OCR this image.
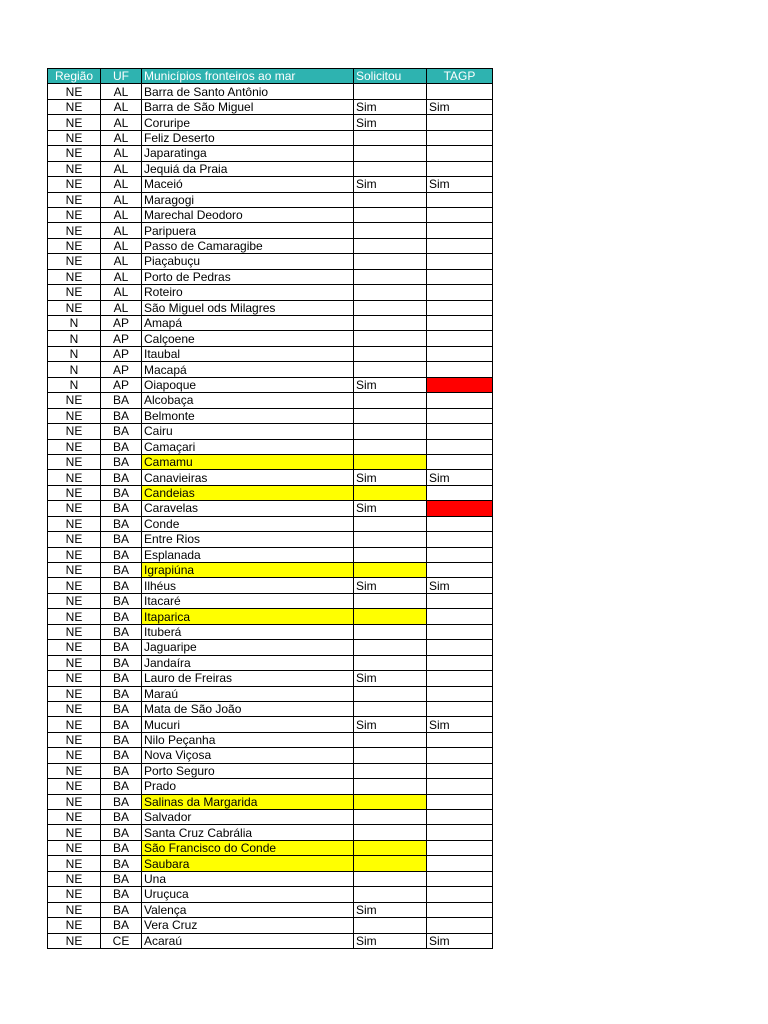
Região	UF	Municípios fronteiros ao mar	Solicitou	TAGP
NE	AL	Barra de Santo Antônio		
NE	AL	Barra de São Miguel	Sim	Sim
NE	AL	Coruripe	Sim	
NE	AL	Feliz Deserto		
NE	AL	Japaratinga		
NE	AL	Jequiá da Praia		
NE	AL	Maceió	Sim	Sim
NE	AL	Maragogi		
NE	AL	Marechal Deodoro		
NE	AL	Paripuera		
NE	AL	Passo de Camaragibe		
NE	AL	Piaçabuçu		
NE	AL	Porto de Pedras		
NE	AL	Roteiro		
NE	AL	São Miguel ods Milagres		
N	AP	Amapá		
N	AP	Calçoene		
N	AP	Itaubal		
N	AP	Macapá		
N	AP	Oiapoque	Sim	
NE	BA	Alcobaça		
NE	BA	Belmonte		
NE	BA	Cairu		
NE	BA	Camaçari		
NE	BA	Camamu		
NE	BA	Canavieiras	Sim	Sim
NE	BA	Candeias		
NE	BA	Caravelas	Sim	
NE	BA	Conde		
NE	BA	Entre Rios		
NE	BA	Esplanada		
NE	BA	Igrapiúna		
NE	BA	Ilhéus	Sim	Sim
NE	BA	Itacaré		
NE	BA	Itaparica		
NE	BA	Ituberá		
NE	BA	Jaguaripe		
NE	BA	Jandaíra		
NE	BA	Lauro de Freiras	Sim	
NE	BA	Maraú		
NE	BA	Mata de São João		
NE	BA	Mucuri	Sim	Sim
NE	BA	Nilo Peçanha		
NE	BA	Nova Viçosa		
NE	BA	Porto Seguro		
NE	BA	Prado		
NE	BA	Salinas da Margarida		
NE	BA	Salvador		
NE	BA	Santa Cruz Cabrália		
NE	BA	São Francisco do Conde		
NE	BA	Saubara		
NE	BA	Una		
NE	BA	Uruçuca		
NE	BA	Valença	Sim	
NE	BA	Vera Cruz		
NE	CE	Acaraú	Sim	Sim
